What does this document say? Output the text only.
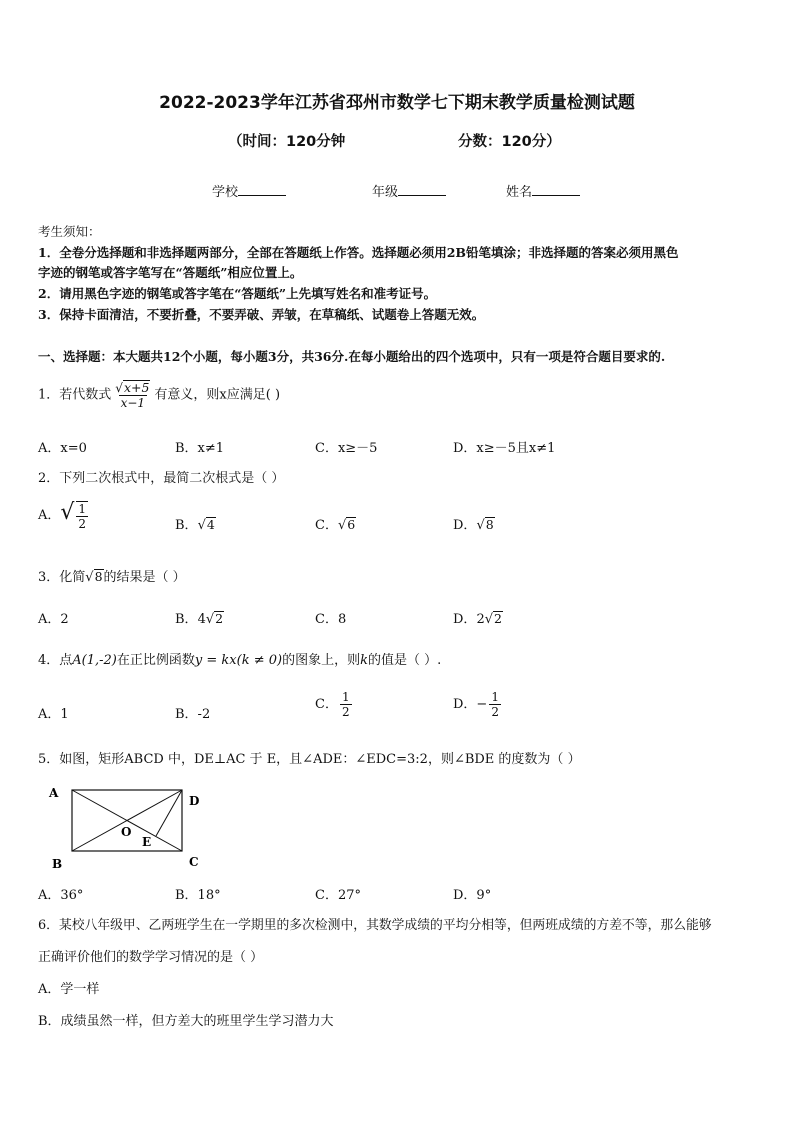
2022-2023学年江苏省邳州市数学七下期末教学质量检测试题
（时间：120分钟	分数：120分）
学校	年级	姓名
考生须知：
1．全卷分选择题和非选择题两部分，全部在答题纸上作答。选择题必须用2B铅笔填涂；非选择题的答案必须用黑色
字迹的钢笔或答字笔写在“答题纸”相应位置上。
2．请用黑色字迹的钢笔或答字笔在“答题纸”上先填写姓名和准考证号。
3．保持卡面清洁，不要折叠，不要弄破、弄皱，在草稿纸、试题卷上答题无效。
一、选择题：本大题共12个小题，每小题3分，共36分.在每小题给出的四个选项中，只有一项是符合题目要求的.
1．若代数式 $\frac{√x+5}{x-1}$ 有意义，则x应满足( )
A．x=0	B．x≠1	C．x≥－5	D．x≥－5且x≠1
2．下列二次根式中，最简二次根式是（ ）
A．√ $\frac{1}{2}$	B．√4	C．√6	D．√8
3．化简√8的结果是（ ）
A．2	B．4√2	C．8	D．2√2
4．点A(1,-2)在正比例函数y = kx(k ≠ 0)的图象上，则k的值是（ ）.
A．1	B．-2
C． $\frac{1}{2}$	D．− $\frac{1}{2}$
5．如图，矩形ABCD 中，DE⊥AC 于 E，且∠ADE：∠EDC=3:2，则∠BDE 的度数为（ ）
A
D
B	C
O
E
A．36°	B．18°	C．27°	D．9°
6．某校八年级甲、乙两班学生在一学期里的多次检测中，其数学成绩的平均分相等，但两班成绩的方差不等，那么能够
正确评价他们的数学学习情况的是（ ）
A．学一样
B．成绩虽然一样，但方差大的班里学生学习潜力大
